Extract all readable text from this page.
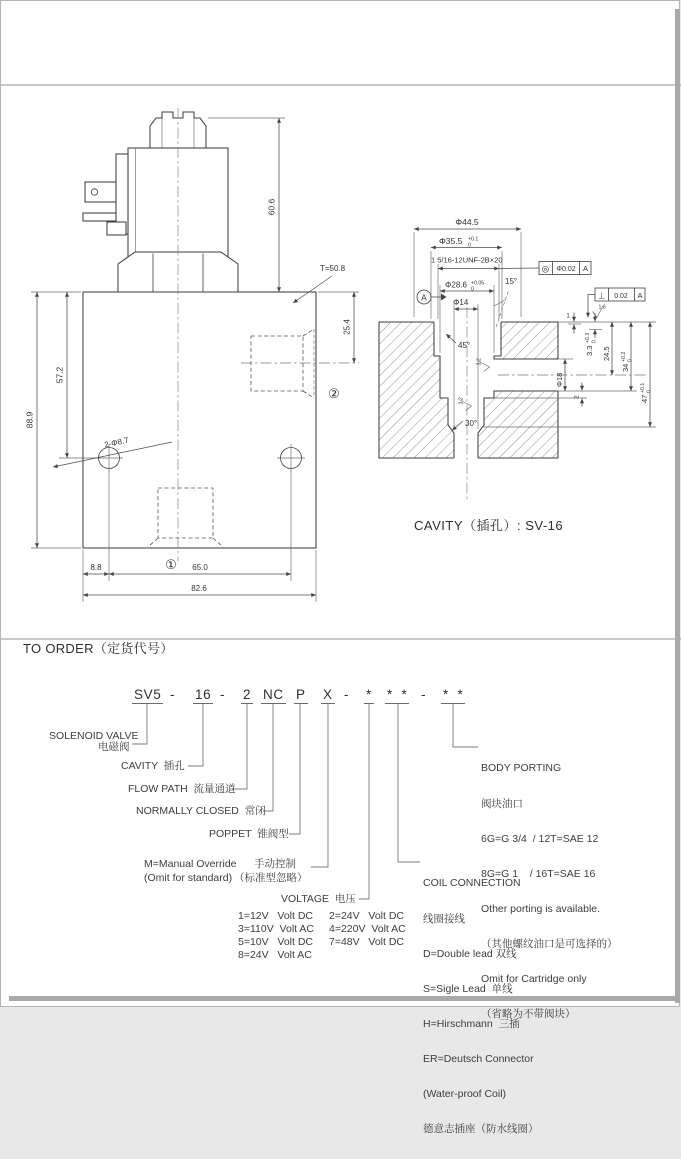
60.6
T=50.8
88.9
57.2
2-Φ8.7
25.4
①
②
8.8	65.0
82.6
Φ44.5
Φ35.5 +0.1
0
1 5/16-12UNF-2B×20
Φ28.6 +0.05
0
Φ14
A
15°
◎ Φ0.02 A
⊥ 0.02 A
45°
30°
1.6
3.2
3.2
Φ18
1
2
3.3
+0.3 0
24.5
34
+0.2 0
47
+0.1 0
CAVITY（插孔）: SV-16
TO ORDER（定货代号）
SV5 - 16 - 2 NC P X - * *  * - *  *
SOLENOID VALVE
电磁阀
CAVITY  插孔
FLOW PATH  流量通道
NORMALLY CLOSED  常闭
POPPET  锥阀型
M=Manual Override 手动控制
(Omit for standard) （标准型忽略）
VOLTAGE  电压
1=12V   Volt DC 2=24V   Volt DC
3=110V  Volt AC 4=220V  Volt AC
5=10V   Volt DC 7=48V   Volt DC
8=24V   Volt AC

COIL CONNECTION

线圈接线

D=Double lead 双线

S=Sigle Lead  单线

H=Hirschmann  三插

ER=Deutsch Connector

(Water-proof Coil)

德意志插座（防水线圈）

BODY PORTING

阀块油口

6G=G 3/4  / 12T=SAE 12

8G=G 1    / 16T=SAE 16

Other porting is available.

（其他螺纹油口是可选择的）

Omit for Cartridge only

（省略为不带阀块）
